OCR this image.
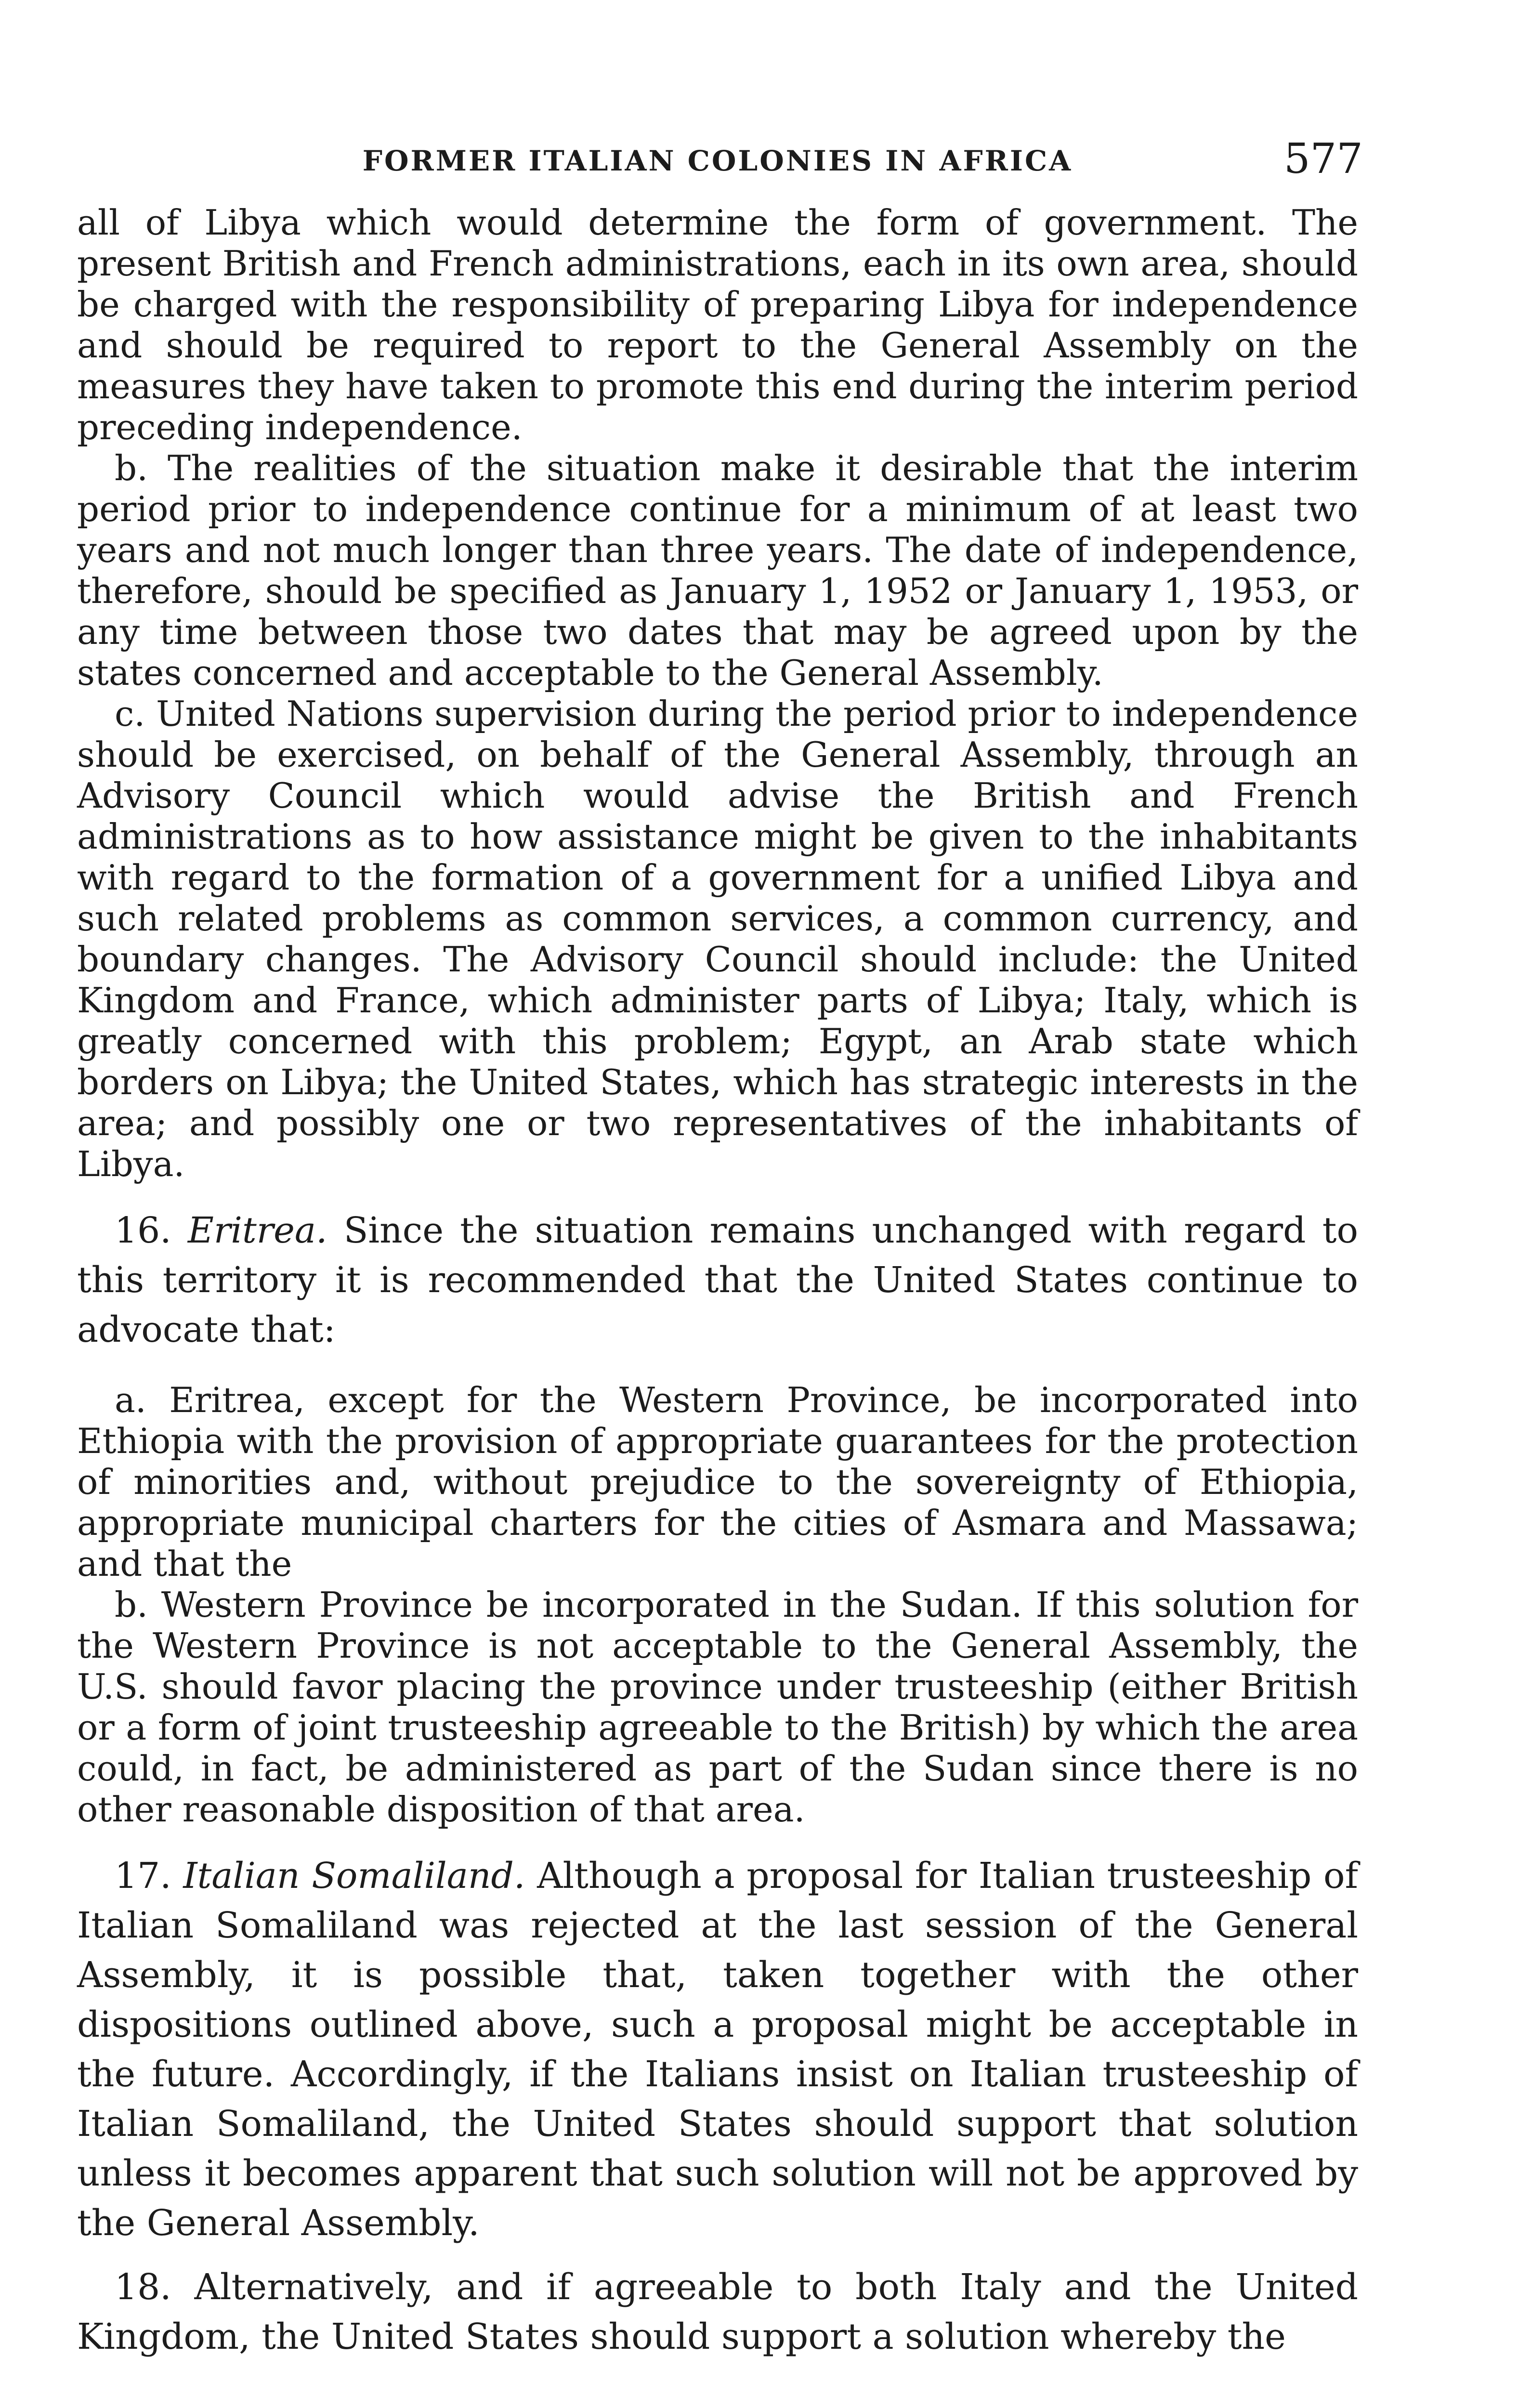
FORMER ITALIAN COLONIES IN AFRICA	577

all of Libya which would determine the form of government. The present British and French administrations, each in its own area, should be charged with the responsibility of preparing Libya for independence and should be required to report to the General Assembly on the measures they have taken to promote this end during the interim period preceding independence.

b. The realities of the situation make it desirable that the interim period prior to independence continue for a minimum of at least two years and not much longer than three years. The date of independence, therefore, should be specified as January 1, 1952 or January 1, 1953, or any time between those two dates that may be agreed upon by the states concerned and acceptable to the General Assembly.

c. United Nations supervision during the period prior to independence should be exercised, on behalf of the General Assembly, through an Advisory Council which would advise the British and French administrations as to how assistance might be given to the inhabitants with regard to the formation of a government for a unified Libya and such related problems as common services, a common currency, and boundary changes. The Advisory Council should include: the United Kingdom and France, which administer parts of Libya; Italy, which is greatly concerned with this problem; Egypt, an Arab state which borders on Libya; the United States, which has strategic interests in the area; and possibly one or two representatives of the inhabitants of Libya.

16. Eritrea. Since the situation remains unchanged with regard to this territory it is recommended that the United States continue to advocate that:

a. Eritrea, except for the Western Province, be incorporated into Ethiopia with the provision of appropriate guarantees for the protection of minorities and, without prejudice to the sovereignty of Ethiopia, appropriate municipal charters for the cities of Asmara and Massawa; and that the

b. Western Province be incorporated in the Sudan. If this solution for the Western Province is not acceptable to the General Assembly, the U.S. should favor placing the province under trusteeship (either British or a form of joint trusteeship agreeable to the British) by which the area could, in fact, be administered as part of the Sudan since there is no other reasonable disposition of that area.

17. Italian Somaliland. Although a proposal for Italian trusteeship of Italian Somaliland was rejected at the last session of the General Assembly, it is possible that, taken together with the other dispositions outlined above, such a proposal might be acceptable in the future. Accordingly, if the Italians insist on Italian trusteeship of Italian Somaliland, the United States should support that solution unless it becomes apparent that such solution will not be approved by the General Assembly.

18. Alternatively, and if agreeable to both Italy and the United Kingdom, the United States should support a solution whereby the
